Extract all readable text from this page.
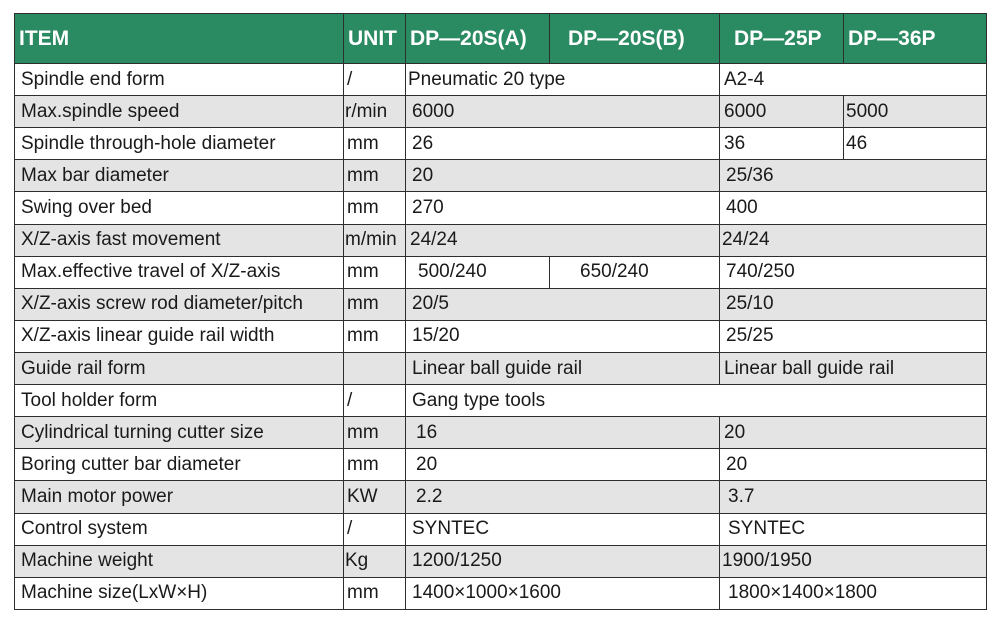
ITEM	UNIT	DP—20S(A)	DP—20S(B)	DP—25P	DP—36P
Spindle end form	/	Pneumatic 20 type		A2-4	
Max.spindle speed	r/min	6000		6000	5000
Spindle through-hole diameter	mm	26		36	46
Max bar diameter	mm	20		25/36	
Swing over bed	mm	270		400	
X/Z-axis fast movement	m/min	24/24		24/24	
Max.effective travel of X/Z-axis	mm	500/240	650/240	740/250	
X/Z-axis screw rod diameter/pitch	mm	20/5		25/10	
X/Z-axis linear guide rail width	mm	15/20		25/25	
Guide rail form		Linear ball guide rail		Linear ball guide rail	
Tool holder form	/	Gang type tools			
Cylindrical turning cutter size	mm	16		20	
Boring cutter bar diameter	mm	20		20	
Main motor power	KW	2.2		3.7	
Control system	/	SYNTEC		SYNTEC	
Machine weight	Kg	1200/1250		1900/1950	
Machine size(LxW×H)	mm	1400×1000×1600		1800×1400×1800	
